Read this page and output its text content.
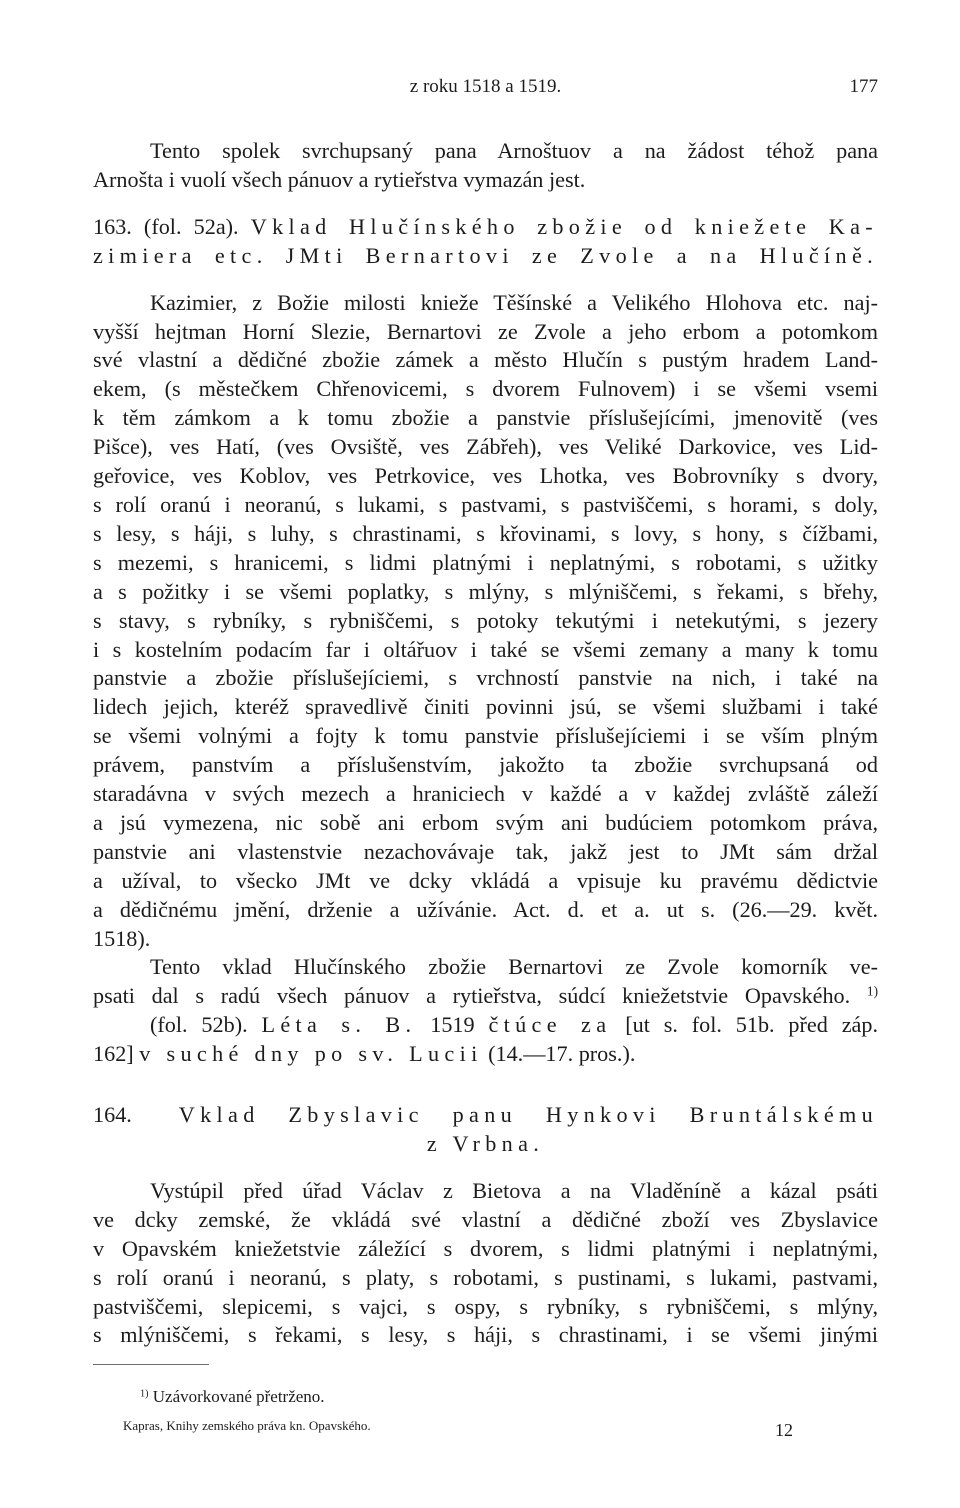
z roku 1518 a 1519.	177

Tento spolek svrchupsaný pana Arnoštuov a na žádost téhož pana

Arnošta i vuolí všech pánuov a rytieřstva vymazán jest.

163. (fol. 52a). Vklad Hlučínského zbožie od kniežete Ka-

zimiera etc. JMti Bernartovi ze Zvole a na Hlučíně.

Kazimier, z Božie milosti knieže Těšínské a Velikého Hlohova etc. naj-

vyšší hejtman Horní Slezie, Bernartovi ze Zvole a jeho erbom a potomkom

své vlastní a dědičné zbožie zámek a město Hlučín s pustým hradem Land-

ekem, (s městečkem Chřenovicemi, s dvorem Fulnovem) i se všemi vsemi

k těm zámkom a k tomu zbožie a panstvie příslušejícími, jmenovitě (ves

Pišce), ves Hatí, (ves Ovsiště, ves Zábřeh), ves Veliké Darkovice, ves Lid-

geřovice, ves Koblov, ves Petrkovice, ves Lhotka, ves Bobrovníky s dvory,

s rolí oranú i neoranú, s lukami, s pastvami, s pastviščemi, s horami, s doly,

s lesy, s háji, s luhy, s chrastinami, s křovinami, s lovy, s hony, s čížbami,

s mezemi, s hranicemi, s lidmi platnými i neplatnými, s robotami, s užitky

a s požitky i se všemi poplatky, s mlýny, s mlýniščemi, s řekami, s břehy,

s stavy, s rybníky, s rybniščemi, s potoky tekutými i netekutými, s jezery

i s kostelním podacím far i oltářuov i také se všemi zemany a many k tomu

panstvie a zbožie příslušejíciemi, s vrchností panstvie na nich, i také na

lidech jejich, kteréž spravedlivě činiti povinni jsú, se všemi službami i také

se všemi volnými a fojty k tomu panstvie příslušejíciemi i se vším plným

právem, panstvím a příslušenstvím, jakožto ta zbožie svrchupsaná od

staradávna v svých mezech a hraniciech v každé a v každej zvláště záleží

a jsú vymezena, nic sobě ani erbom svým ani budúciem potomkom práva,

panstvie ani vlastenstvie nezachovávaje tak, jakž jest to JMt sám držal

a užíval, to všecko JMt ve dcky vkládá a vpisuje ku pravému dědictvie

a dědičnému jmění, drženie a užívánie. Act. d. et a. ut s. (26.—29. květ.

1518).

Tento vklad Hlučínského zbožie Bernartovi ze Zvole komorník ve-

psati dal s radú všech pánuov a rytieřstva, súdcí kniežetstvie Opavského. $^{1)}$

(fol. 52b). Léta s. B. 1519 čtúce za [ut s. fol. 51b. před záp.

162] v suché dny po sv. Lucii (14.—17. pros.).

164. Vklad Zbyslavic panu Hynkovi Bruntálskému

z Vrbna.

Vystúpil před úřad Václav z Bietova a na Vladěníně a kázal psáti

ve dcky zemské, že vkládá své vlastní a dědičné zboží ves Zbyslavice

v Opavském kniežetstvie záležící s dvorem, s lidmi platnými i neplatnými,

s rolí oranú i neoranú, s platy, s robotami, s pustinami, s lukami, pastvami,

pastviščemi, slepicemi, s vajci, s ospy, s rybníky, s rybniščemi, s mlýny,

s mlýniščemi, s řekami, s lesy, s háji, s chrastinami, i se všemi jinými

$^{1)}$ Uzávorkované přetrženo.
Kapras, Knihy zemského práva kn. Opavského.	12
